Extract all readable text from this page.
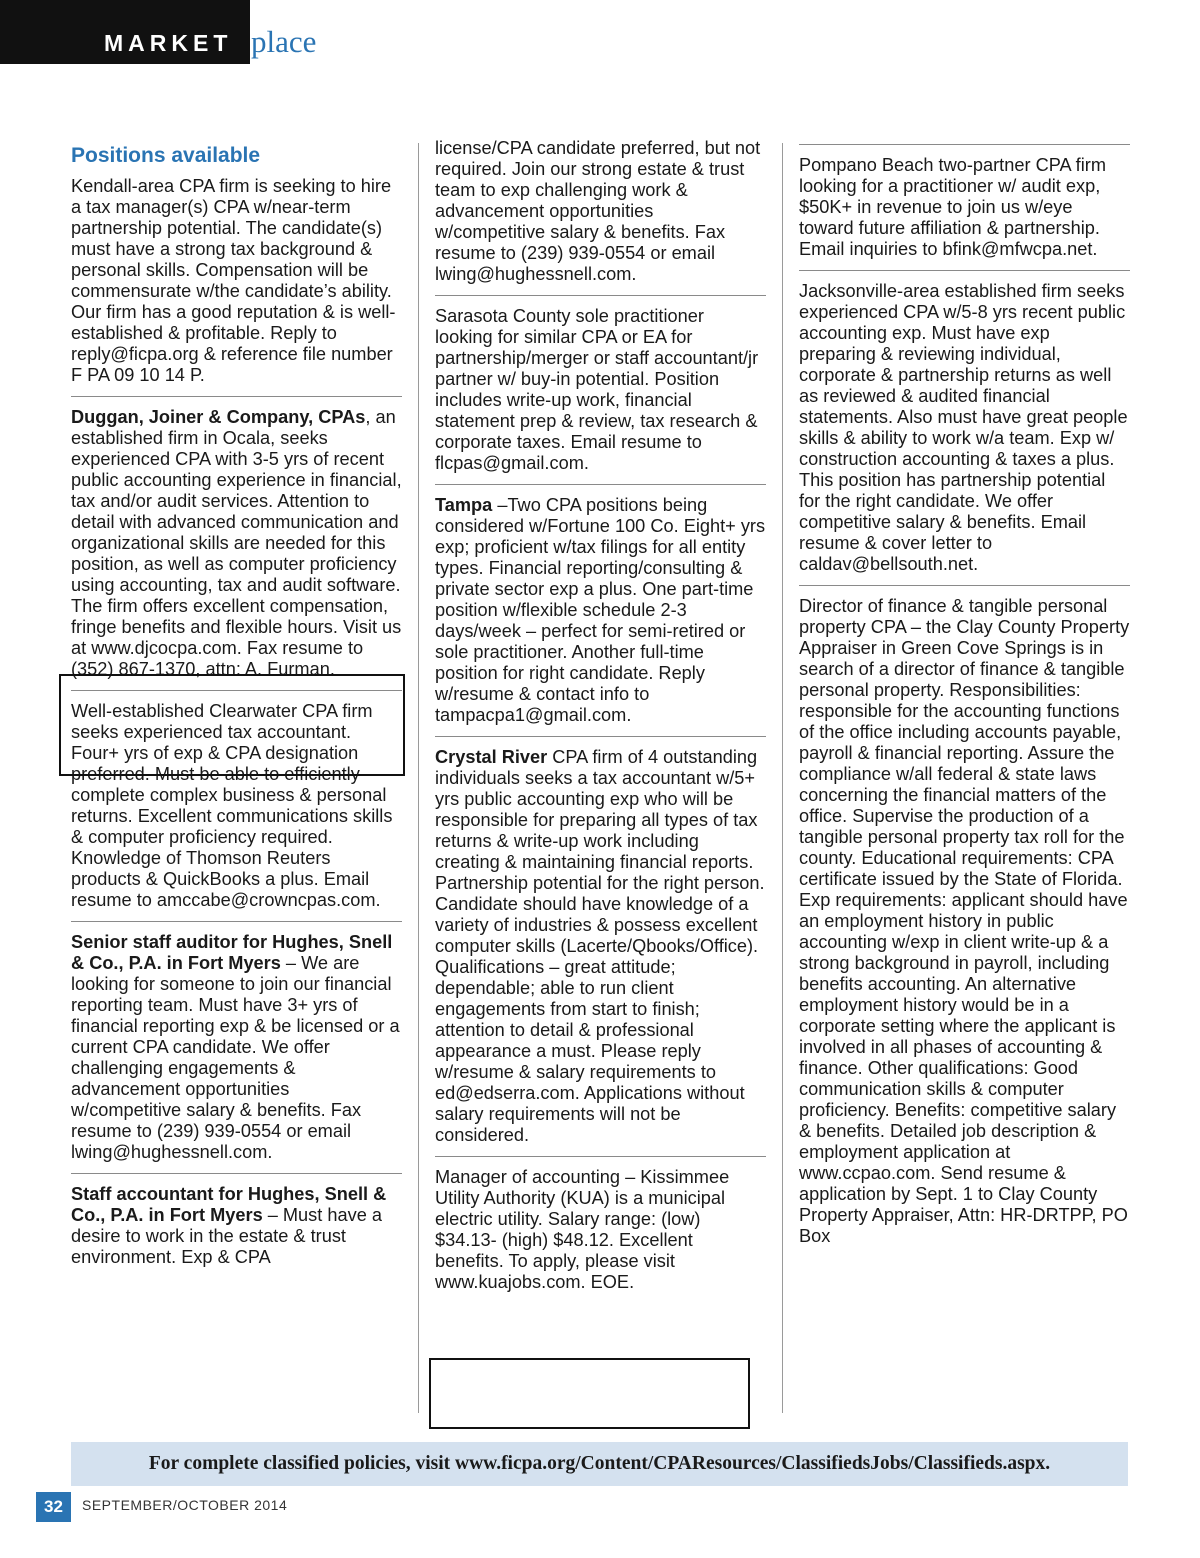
MARKET place
Positions available

Kendall-area CPA firm is seeking to hire a tax manager(s) CPA w/near-term partnership potential. The candidate(s) must have a strong tax background & personal skills. Compensation will be commensurate w/the candidate’s ability. Our firm has a good reputation & is well-established & profitable. Reply to reply@ficpa.org & reference file number F PA 09 10 14 P.

Duggan, Joiner & Company, CPAs, an established firm in Ocala, seeks experienced CPA with 3-5 yrs of recent public accounting experience in financial, tax and/or audit services. Attention to detail with advanced communication and organizational skills are needed for this position, as well as computer proficiency using accounting, tax and audit software. The firm offers excellent compensation, fringe benefits and flexible hours. Visit us at www.djcocpa.com. Fax resume to (352) 867-1370, attn: A. Furman.

Well-established Clearwater CPA firm seeks experienced tax accountant. Four+ yrs of exp & CPA designation preferred. Must be able to efficiently complete complex business & personal returns. Excellent communications skills & computer proficiency required. Knowledge of Thomson Reuters products & QuickBooks a plus. Email resume to amccabe@crowncpas.com.

Senior staff auditor for Hughes, Snell & Co., P.A. in Fort Myers – We are looking for someone to join our financial reporting team. Must have 3+ yrs of financial reporting exp & be licensed or a current CPA candidate. We offer challenging engagements & advancement opportunities w/competitive salary & benefits. Fax resume to (239) 939-0554 or email lwing@hughessnell.com.

Staff accountant for Hughes, Snell & Co., P.A. in Fort Myers – Must have a desire to work in the estate & trust environment. Exp & CPA

license/CPA candidate preferred, but not required. Join our strong estate & trust team to exp challenging work & advancement opportunities w/competitive salary & benefits. Fax resume to (239) 939-0554 or email lwing@hughessnell.com.

Sarasota County sole practitioner looking for similar CPA or EA for partnership/merger or staff accountant/jr partner w/ buy-in potential. Position includes write-up work, financial statement prep & review, tax research & corporate taxes. Email resume to flcpas@gmail.com.

Tampa –Two CPA positions being considered w/Fortune 100 Co. Eight+ yrs exp; proficient w/tax filings for all entity types. Financial reporting/consulting & private sector exp a plus. One part-time position w/flexible schedule 2-3 days/week – perfect for semi-retired or sole practitioner. Another full-time position for right candidate. Reply w/resume & contact info to tampacpa1@gmail.com.

Crystal River CPA firm of 4 outstanding individuals seeks a tax accountant w/5+ yrs public accounting exp who will be responsible for preparing all types of tax returns & write-up work including creating & maintaining financial reports. Partnership potential for the right person. Candidate should have knowledge of a variety of industries & possess excellent computer skills (Lacerte/Qbooks/Office). Qualifications – great attitude; dependable; able to run client engagements from start to finish; attention to detail & professional appearance a must. Please reply w/resume & salary requirements to ed@edserra.com. Applications without salary requirements will not be considered.

Manager of accounting – Kissimmee Utility Authority (KUA) is a municipal electric utility. Salary range: (low) $34.13- (high) $48.12. Excellent benefits. To apply, please visit www.kuajobs.com. EOE.

Pompano Beach two-partner CPA firm looking for a practitioner w/ audit exp, $50K+ in revenue to join us w/eye toward future affiliation & partnership. Email inquiries to bfink@mfwcpa.net.

Jacksonville-area established firm seeks experienced CPA w/5-8 yrs recent public accounting exp. Must have exp preparing & reviewing individual, corporate & partnership returns as well as reviewed & audited financial statements. Also must have great people skills & ability to work w/a team. Exp w/ construction accounting & taxes a plus. This position has partnership potential for the right candidate. We offer competitive salary & benefits. Email resume & cover letter to caldav@bellsouth.net.

Director of finance & tangible personal property CPA – the Clay County Property Appraiser in Green Cove Springs is in search of a director of finance & tangible personal property. Responsibilities: responsible for the accounting functions of the office including accounts payable, payroll & financial reporting. Assure the compliance w/all federal & state laws concerning the financial matters of the office. Supervise the production of a tangible personal property tax roll for the county. Educational requirements: CPA certificate issued by the State of Florida. Exp requirements: applicant should have an employment history in public accounting w/exp in client write-up & a strong background in payroll, including benefits accounting. An alternative employment history would be in a corporate setting where the applicant is involved in all phases of accounting & finance. Other qualifications: Good communication skills & computer proficiency. Benefits: competitive salary & benefits. Detailed job description & employment application at www.ccpao.com. Send resume & application by Sept. 1 to Clay County Property Appraiser, Attn: HR-DRTPP, PO Box

For complete classified policies, visit www.ficpa.org/Content/CPAResources/ClassifiedsJobs/Classifieds.aspx.
32 SEPTEMBER/OCTOBER 2014
